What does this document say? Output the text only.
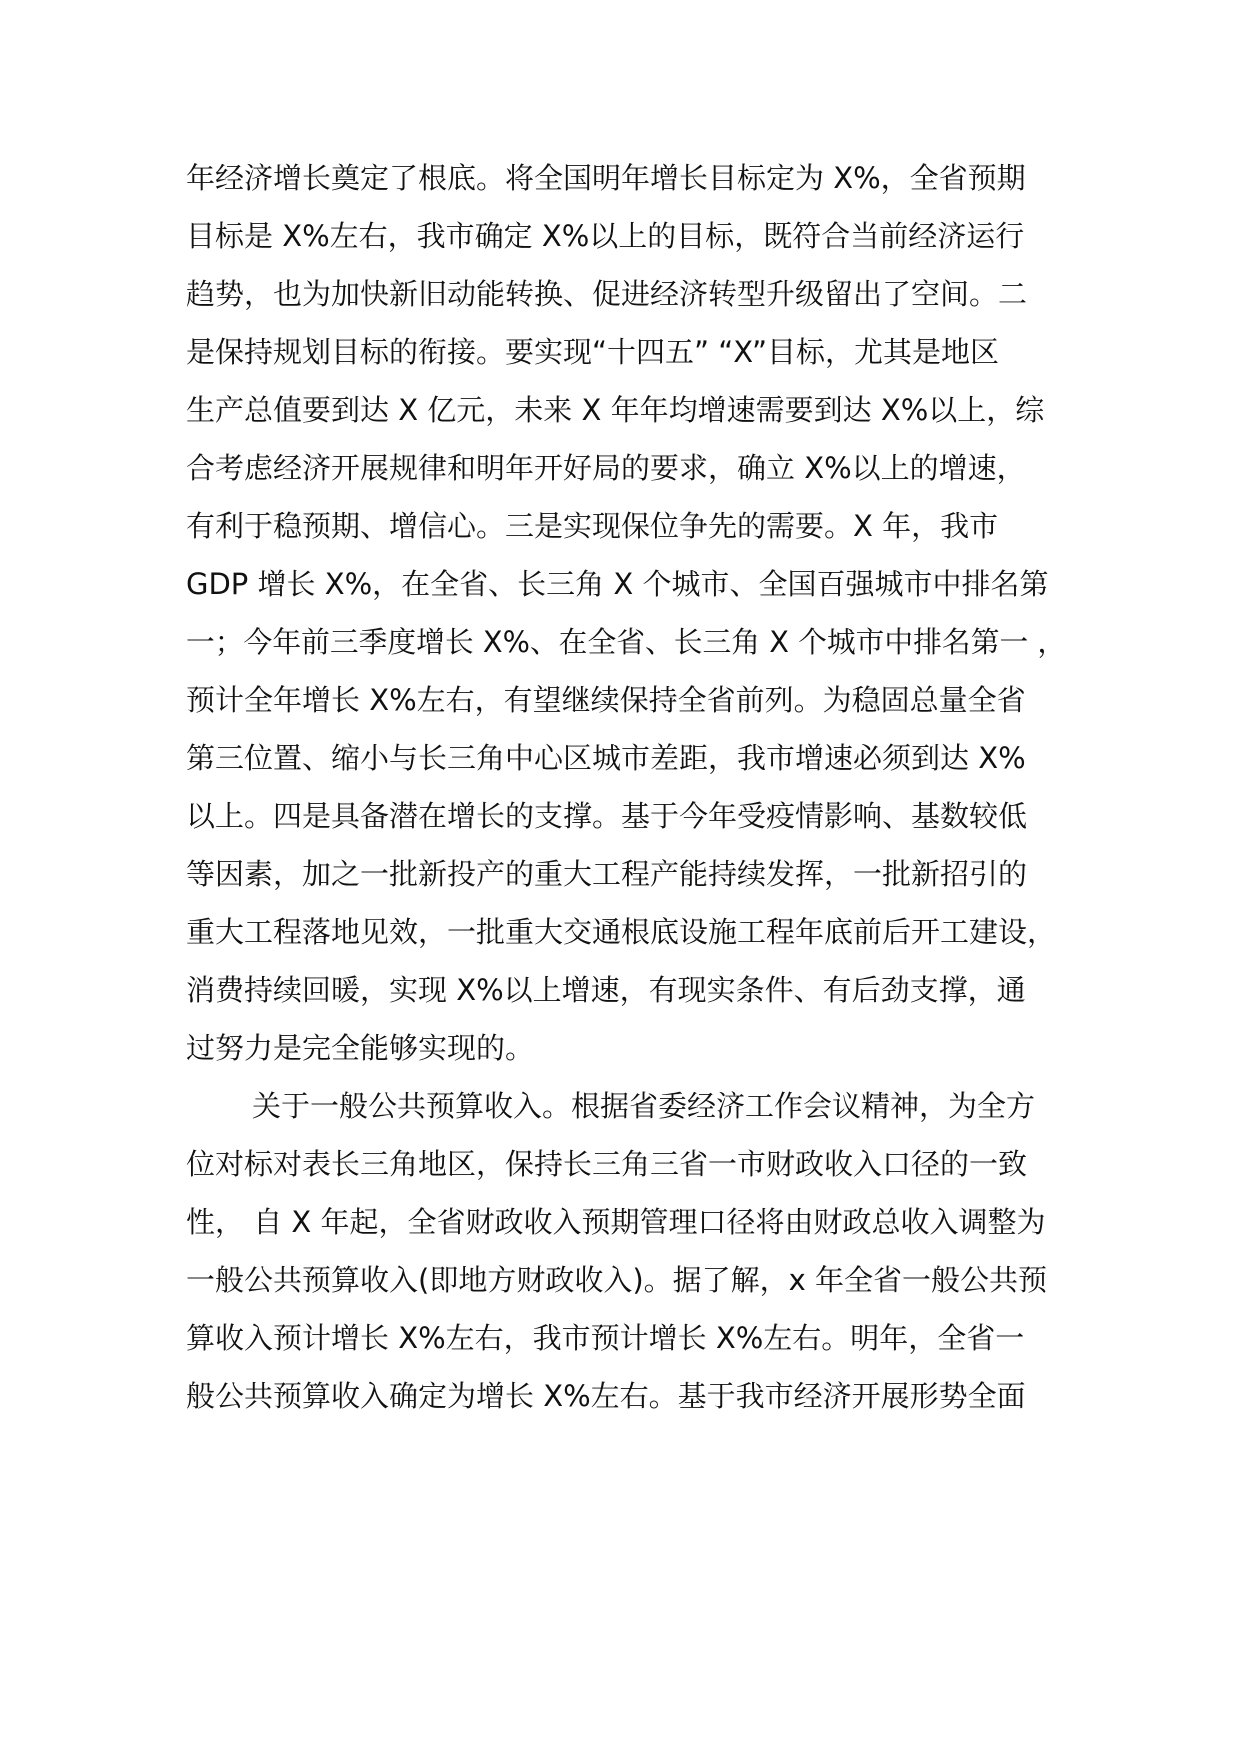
年经济增长奠定了根底。将全国明年增长目标定为 X%，全省预期
目标是 X%左右，我市确定 X%以上的目标，既符合当前经济运行
趋势，也为加快新旧动能转换、促进经济转型升级留出了空间。二
是保持规划目标的衔接。要实现“十四五” “X”目标，尤其是地区
生产总值要到达 X 亿元，未来 X 年年均增速需要到达 X%以上，综
合考虑经济开展规律和明年开好局的要求，确立 X%以上的增速，
有利于稳预期、增信心。三是实现保位争先的需要。X 年，我市
GDP 增长 X%，在全省、长三角 X 个城市、全国百强城市中排名第
一；今年前三季度增长 X%、在全省、长三角 X 个城市中排名第一 ，
预计全年增长 X%左右，有望继续保持全省前列。为稳固总量全省
第三位置、缩小与长三角中心区城市差距，我市增速必须到达 X%
以上。四是具备潜在增长的支撑。基于今年受疫情影响、基数较低
等因素，加之一批新投产的重大工程产能持续发挥，一批新招引的
重大工程落地见效，一批重大交通根底设施工程年底前后开工建设，
消费持续回暖，实现 X%以上增速，有现实条件、有后劲支撑，通
过努力是完全能够实现的。
关于一般公共预算收入。根据省委经济工作会议精神，为全方
位对标对表长三角地区，保持长三角三省一市财政收入口径的一致
性， 自 X 年起，全省财政收入预期管理口径将由财政总收入调整为
一般公共预算收入(即地方财政收入)。据了解，x 年全省一般公共预
算收入预计增长 X%左右，我市预计增长 X%左右。明年，全省一
般公共预算收入确定为增长 X%左右。基于我市经济开展形势全面
